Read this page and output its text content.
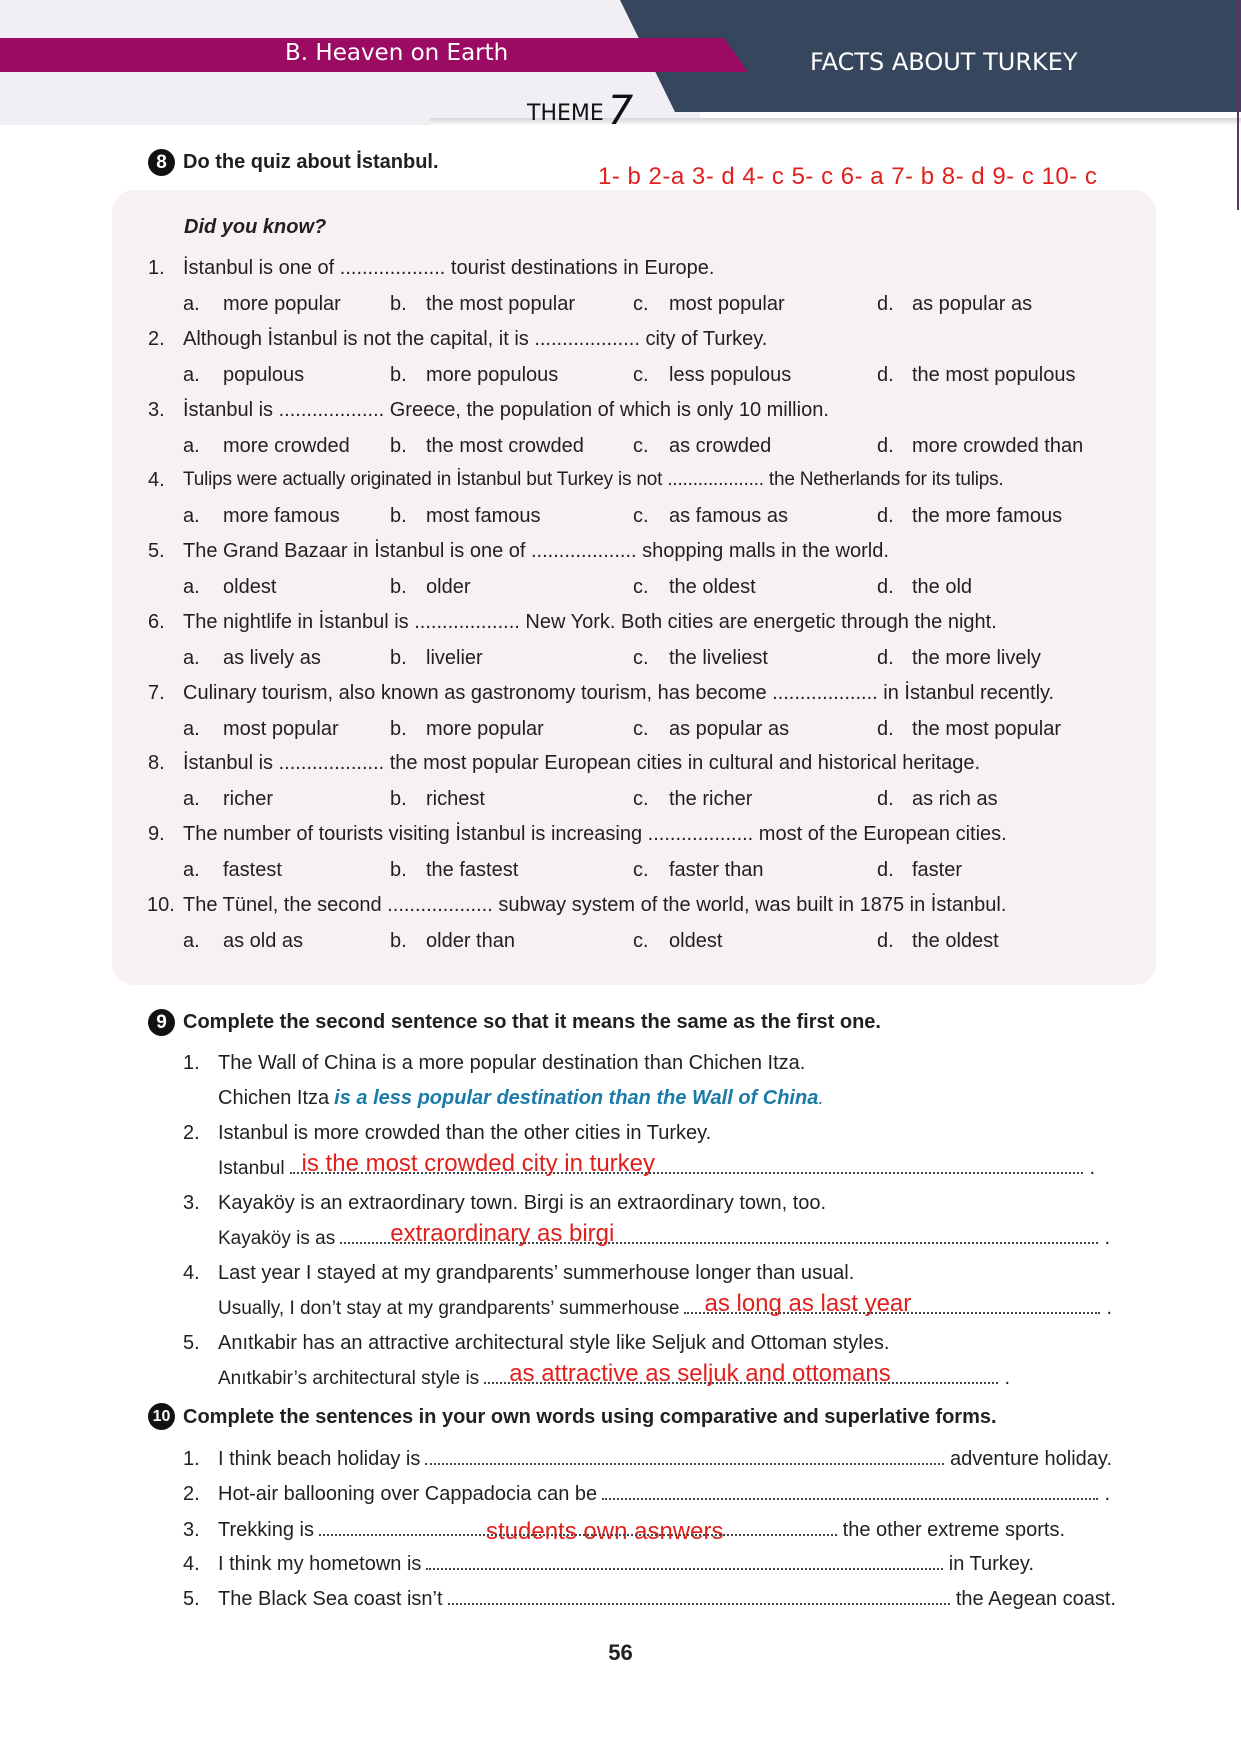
B. Heaven on Earth	FACTS ABOUT TURKEY
THEME 7
8 Do the quiz about İstanbul.
1- b 2-a 3- d 4- c 5- c 6- a 7- b 8- d 9- c 10- c
Did you know?
9 Complete the second sentence so that it means the same as the first one.
10 Complete the sentences in your own words using comparative and superlative forms.
students own asnwers
56
1. İstanbul is one of ................... tourist destinations in Europe.
a. more popular b. the most popular	c. most popular	d. as popular as
2. Although İstanbul is not the capital, it is ................... city of Turkey.
a. populous	b. more populous	c. less populous	d. the most populous
3. İstanbul is ................... Greece, the population of which is only 10 million.
a. more crowded b. the most crowded c. as crowded	d. more crowded than
4. Tulips were actually originated in İstanbul but Turkey is not ................... the Netherlands for its tulips.
a. more famous	b. most famous	c. as famous as	d. the more famous
5. The Grand Bazaar in İstanbul is one of ................... shopping malls in the world.
a. oldest	b. older	c. the oldest	d. the old
6. The nightlife in İstanbul is ................... New York. Both cities are energetic through the night.
a. as lively as	b. livelier	c. the liveliest	d. the more lively
7. Culinary tourism, also known as gastronomy tourism, has become ................... in İstanbul recently.
a. most popular	b. more popular	c. as popular as	d. the most popular
8. İstanbul is ................... the most popular European cities in cultural and historical heritage.
a. richer	b. richest	c. the richer	d. as rich as
9. The number of tourists visiting İstanbul is increasing ................... most of the European cities.
a. fastest	b. the fastest	c. faster than	d. faster
10. The Tünel, the second ................... subway system of the world, was built in 1875 in İstanbul.
a. as old as	b. older than	c. oldest	d. the oldest
1. The Wall of China is a more popular destination than Chichen Itza.
Chichen Itza is a less popular destination than the Wall of China .
2. Istanbul is more crowded than the other cities in Turkey.
Istanbul is the most crowded city in turkey	.
3. Kayaköy is an extraordinary town. Birgi is an extraordinary town, too.
Kayaköy is as extraordinary as birgi	.
4. Last year I stayed at my grandparents’ summerhouse longer than usual.
Usually, I don’t stay at my grandparents’ summerhouse as long as last year	.
5. Anıtkabir has an attractive architectural style like Seljuk and Ottoman styles.
Anıtkabir’s architectural style is as attractive as seljuk and ottomans	.
1. I think beach holiday is	adventure holiday.
2. Hot-air ballooning over Cappadocia can be	.
3. Trekking is	the other extreme sports.
4. I think my hometown is	in Turkey.
5. The Black Sea coast isn’t	the Aegean coast.
